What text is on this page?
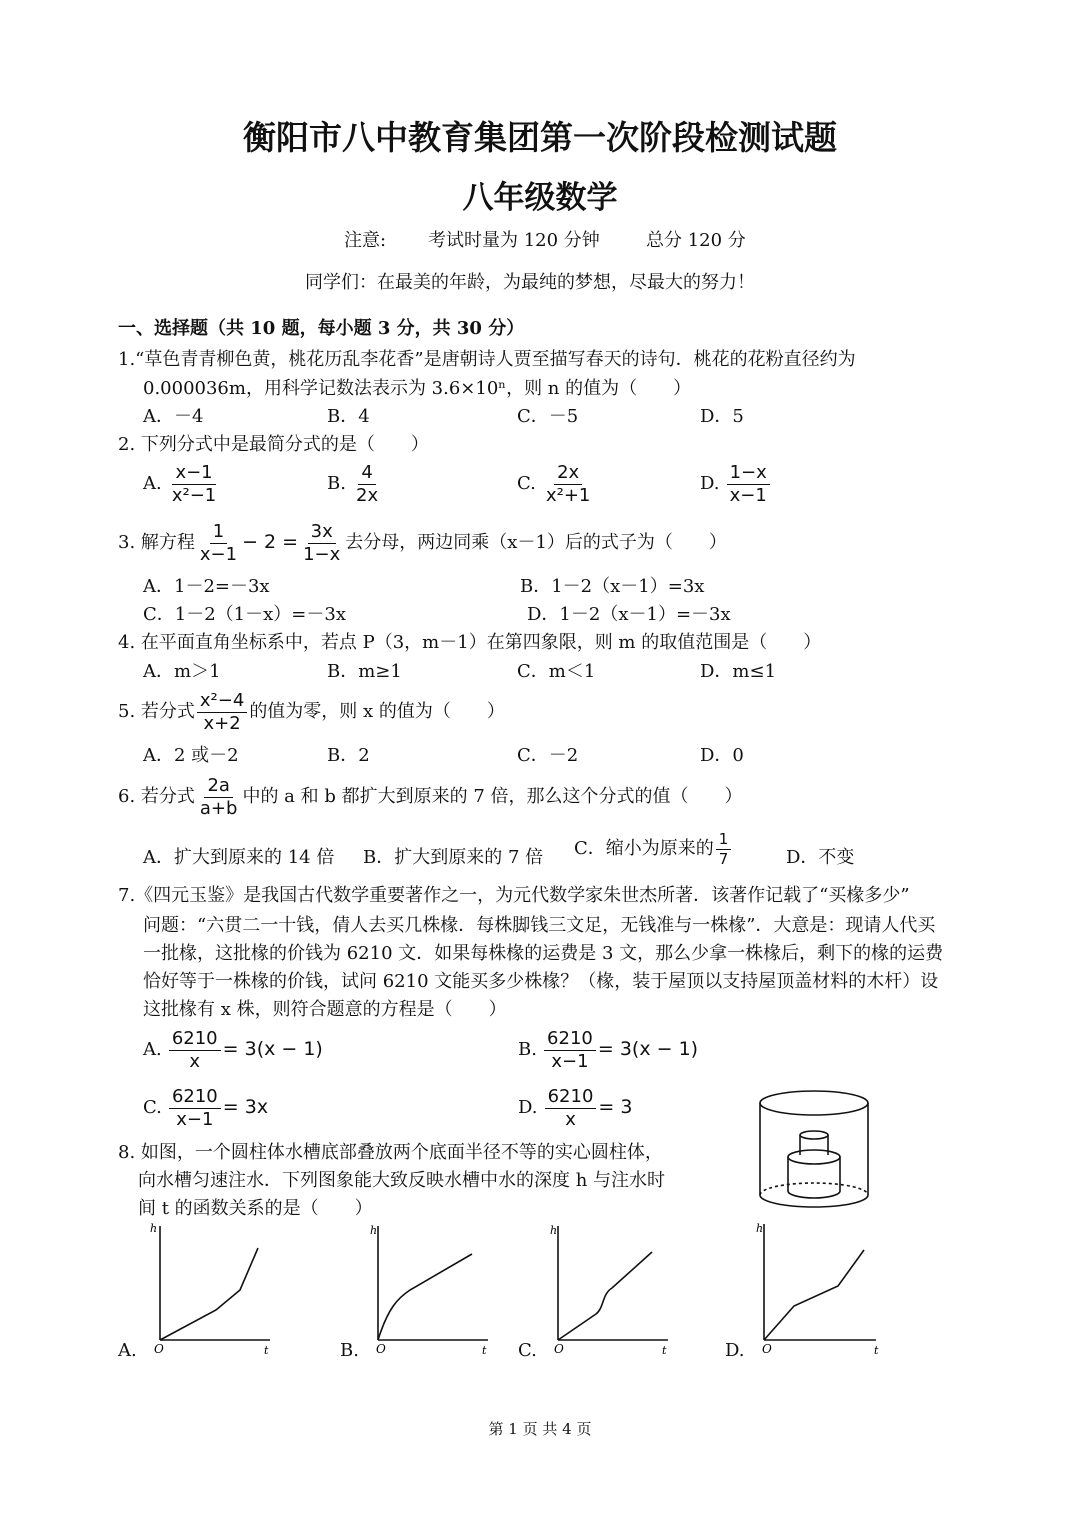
衡阳市八中教育集团第一次阶段检测试题
八年级数学
注意: 考试时量为 120 分钟	总分 120 分
同学们：在最美的年龄，为最纯的梦想，尽最大的努力！
一、选择题（共 10 题，每小题 3 分，共 30 分）
1.“草色青青柳色黄，桃花历乱李花香”是唐朝诗人贾至描写春天的诗句．桃花的花粉直径约为
0.000036m，用科学记数法表示为 3.6×10ⁿ，则 n 的值为（　　）
A．－4	B．4	C．－5	D．5
2. 下列分式中是最简分式的是（　　）
A. $\frac{x-1}{\text{x²−1}}$	B. $\frac{4}{2x}$	C. $\frac{2x}{\text{x²+1}}$	D. $\frac{1-x}{x-1}$
3. 解方程 $\frac{1}{x-1} - 2 = \frac{3x}{1-x}$ 去分母，两边同乘（x－1）后的式子为（　　）
A．1－2=－3x	B．1－2（x－1）=3x
C．1－2（1－x）=－3x	D．1－2（x－1）=－3x
4. 在平面直角坐标系中，若点 P（3，m－1）在第四象限，则 m 的取值范围是（　　）
A．m＞1	B．m≥1	C．m＜1	D．m≤1
5. 若分式 $\frac{\text{x²−4}}{x+2}$ 的值为零，则 x 的值为（　　）
A．2 或－2	B．2	C．－2	D．0
6. 若分式 $\frac{2a}{a+b}$ 中的 a 和 b 都扩大到原来的 7 倍，那么这个分式的值（　　）
A．扩大到原来的 14 倍 B．扩大到原来的 7 倍 C．缩小为原来的 $\frac{1}{7}$	D．不变
7.《四元玉鉴》是我国古代数学重要著作之一，为元代数学家朱世杰所著．该著作记载了“买椽多少”
问题：“六贯二一十钱，倩人去买几株椽．每株脚钱三文足，无钱准与一株椽”．大意是：现请人代买
一批椽，这批椽的价钱为 6210 文．如果每株椽的运费是 3 文，那么少拿一株椽后，剩下的椽的运费
恰好等于一株椽的价钱，试问 6210 文能买多少株椽？（椽，装于屋顶以支持屋顶盖材料的木杆）设
这批椽有 x 株，则符合题意的方程是（　　）
A. $\frac{6210}{x} = 3(x - 1)$	B. $\frac{6210}{x-1} = 3(x - 1)$
C. $\frac{6210}{x-1} = 3x$	D. $\frac{6210}{x} = 3$
8. 如图，一个圆柱体水槽底部叠放两个底面半径不等的实心圆柱体，
向水槽匀速注水．下列图象能大致反映水槽中水的深度 h 与注水时
间 t 的函数关系的是（　　）
A.
h
O	t	B.
h
O	t C.
h
O	t	D.
h
O	t
第 1 页 共 4 页
